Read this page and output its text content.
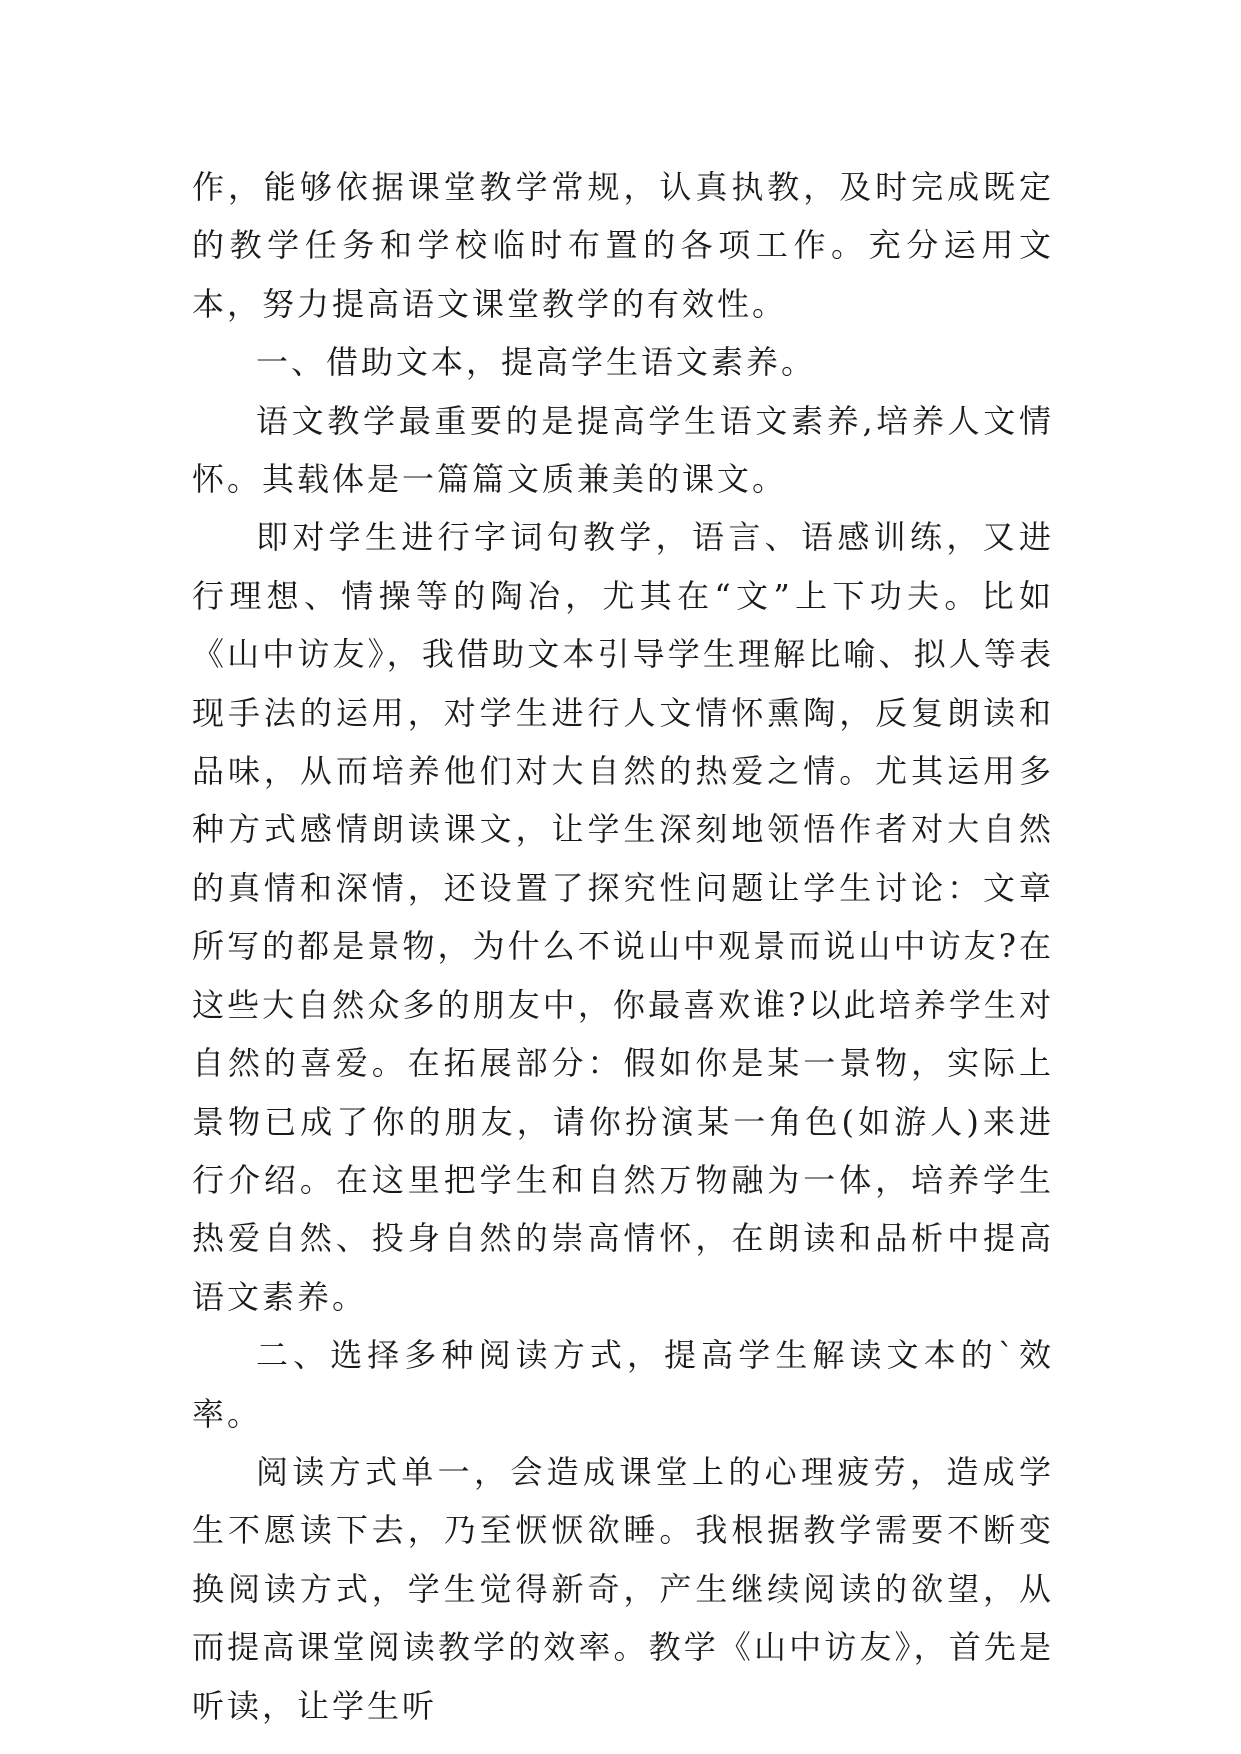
作，能够依据课堂教学常规，认真执教，及时完成既定的教学任务和学校临时布置的各项工作。充分运用文本，努力提高语文课堂教学的有效性。

一、借助文本，提高学生语文素养。

语文教学最重要的是提高学生语文素养,培养人文情怀。其载体是一篇篇文质兼美的课文。

即对学生进行字词句教学，语言、语感训练，又进行理想、情操等的陶冶，尤其在“文”上下功夫。比如《山中访友》，我借助文本引导学生理解比喻、拟人等表现手法的运用，对学生进行人文情怀熏陶，反复朗读和品味，从而培养他们对大自然的热爱之情。尤其运用多种方式感情朗读课文，让学生深刻地领悟作者对大自然的真情和深情，还设置了探究性问题让学生讨论：文章所写的都是景物，为什么不说山中观景而说山中访友?在这些大自然众多的朋友中，你最喜欢谁?以此培养学生对自然的喜爱。在拓展部分：假如你是某一景物，实际上景物已成了你的朋友，请你扮演某一角色(如游人)来进行介绍。在这里把学生和自然万物融为一体，培养学生热爱自然、投身自然的崇高情怀，在朗读和品析中提高语文素养。

二、选择多种阅读方式，提高学生解读文本的`效率。

阅读方式单一，会造成课堂上的心理疲劳，造成学生不愿读下去，乃至恹恹欲睡。我根据教学需要不断变换阅读方式，学生觉得新奇，产生继续阅读的欲望，从而提高课堂阅读教学的效率。教学《山中访友》，首先是听读，让学生听
